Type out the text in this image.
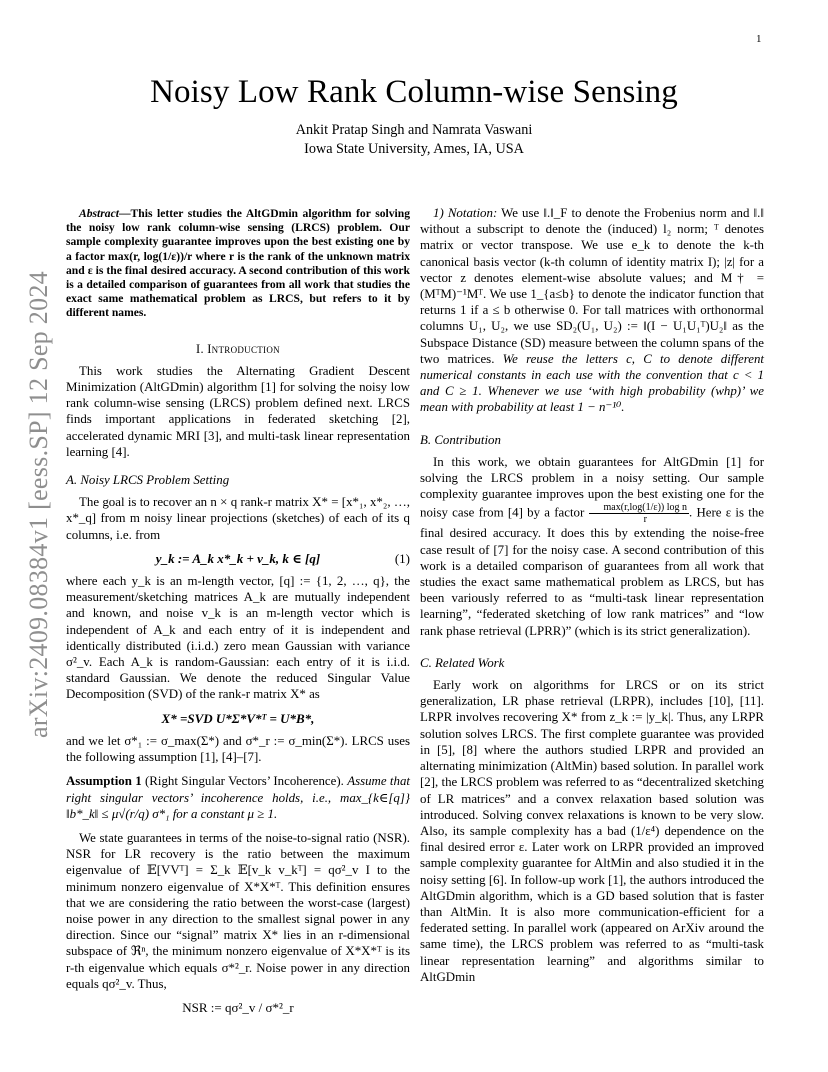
1
Noisy Low Rank Column-wise Sensing
Ankit Pratap Singh and Namrata Vaswani
Iowa State University, Ames, IA, USA
arXiv:2409.08384v1 [eess.SP] 12 Sep 2024
Abstract—This letter studies the AltGDmin algorithm for solving the noisy low rank column-wise sensing (LRCS) problem. Our sample complexity guarantee improves upon the best existing one by a factor max(r, log(1/ε))/r where r is the rank of the unknown matrix and ε is the final desired accuracy. A second contribution of this work is a detailed comparison of guarantees from all work that studies the exact same mathematical problem as LRCS, but refers to it by different names.
I. Introduction

This work studies the Alternating Gradient Descent Minimization (AltGDmin) algorithm [1] for solving the noisy low rank column-wise sensing (LRCS) problem defined next. LRCS finds important applications in federated sketching [2], accelerated dynamic MRI [3], and multi-task linear representation learning [4].

A. Noisy LRCS Problem Setting

The goal is to recover an n × q rank-r matrix X* = [x*₁, x*₂, …, x*_q] from m noisy linear projections (sketches) of each of its q columns, i.e. from

y_k := A_k x*_k + v_k, k ∈ [q]	(1)

where each y_k is an m-length vector, [q] := {1, 2, …, q}, the measurement/sketching matrices A_k are mutually independent and known, and noise v_k is an m-length vector which is independent of A_k and each entry of it is independent and identically distributed (i.i.d.) zero mean Gaussian with variance σ²_v. Each A_k is random-Gaussian: each entry of it is i.i.d. standard Gaussian. We denote the reduced Singular Value Decomposition (SVD) of the rank-r matrix X* as

X* =SVD U*Σ*V*ᵀ = U*B*,

and we let σ*₁ := σ_max(Σ*) and σ*_r := σ_min(Σ*). LRCS uses the following assumption [1], [4]–[7].

Assumption 1 (Right Singular Vectors’ Incoherence). Assume that right singular vectors’ incoherence holds, i.e., max_{k∈[q]} ‖b*_k‖ ≤ μ√(r/q) σ*₁ for a constant μ ≥ 1.

We state guarantees in terms of the noise-to-signal ratio (NSR). NSR for LR recovery is the ratio between the maximum eigenvalue of 𝔼[VVᵀ] = Σ_k 𝔼[v_k v_kᵀ] = qσ²_v I to the minimum nonzero eigenvalue of X*X*ᵀ. This definition ensures that we are considering the ratio between the worst-case (largest) noise power in any direction to the smallest signal power in any direction. Since our “signal” matrix X* lies in an r-dimensional subspace of ℜⁿ, the minimum nonzero eigenvalue of X*X*ᵀ is its r-th eigenvalue which equals σ*²_r. Noise power in any direction equals qσ²_v. Thus,

NSR := qσ²_v / σ*²_r

1) Notation: We use ‖.‖_F to denote the Frobenius norm and ‖.‖ without a subscript to denote the (induced) l₂ norm; ᵀ denotes matrix or vector transpose. We use e_k to denote the k-th canonical basis vector (k-th column of identity matrix I); |z| for a vector z denotes element-wise absolute values; and M† = (MᵀM)⁻¹Mᵀ. We use 1_{a≤b} to denote the indicator function that returns 1 if a ≤ b otherwise 0. For tall matrices with orthonormal columns U₁, U₂, we use SD₂(U₁, U₂) := ‖(I − U₁U₁ᵀ)U₂‖ as the Subspace Distance (SD) measure between the column spans of the two matrices. We reuse the letters c, C to denote different numerical constants in each use with the convention that c < 1 and C ≥ 1. Whenever we use ‘with high probability (whp)’ we mean with probability at least 1 − n⁻¹⁰.

B. Contribution

In this work, we obtain guarantees for AltGDmin [1] for solving the LRCS problem in a noisy setting. Our sample complexity guarantee improves upon the best existing one for the noisy case from [4] by a factor $\frac{\text{max(r,log(1/ε)) log n}}{r}$ . Here ε is the final desired accuracy. It does this by extending the noise-free case result of [7] for the noisy case. A second contribution of this work is a detailed comparison of guarantees from all work that studies the exact same mathematical problem as LRCS, but has been variously referred to as “multi-task linear representation learning”, “federated sketching of low rank matrices” and “low rank phase retrieval (LPRR)” (which is its strict generalization).

C. Related Work

Early work on algorithms for LRCS or on its strict generalization, LR phase retrieval (LRPR), includes [10], [11]. LRPR involves recovering X* from z_k := |y_k|. Thus, any LRPR solution solves LRCS. The first complete guarantee was provided in [5], [8] where the authors studied LRPR and provided an alternating minimization (AltMin) based solution. In parallel work [2], the LRCS problem was referred to as “decentralized sketching of LR matrices” and a convex relaxation based solution was introduced. Solving convex relaxations is known to be very slow. Also, its sample complexity has a bad (1/ε⁴) dependence on the final desired error ε. Later work on LRPR provided an improved sample complexity guarantee for AltMin and also studied it in the noisy setting [6]. In follow-up work [1], the authors introduced the AltGDmin algorithm, which is a GD based solution that is faster than AltMin. It is also more communication-efficient for a federated setting. In parallel work (appeared on ArXiv around the same time), the LRCS problem was referred to as “multi-task linear representation learning” and algorithms similar to AltGDmin
